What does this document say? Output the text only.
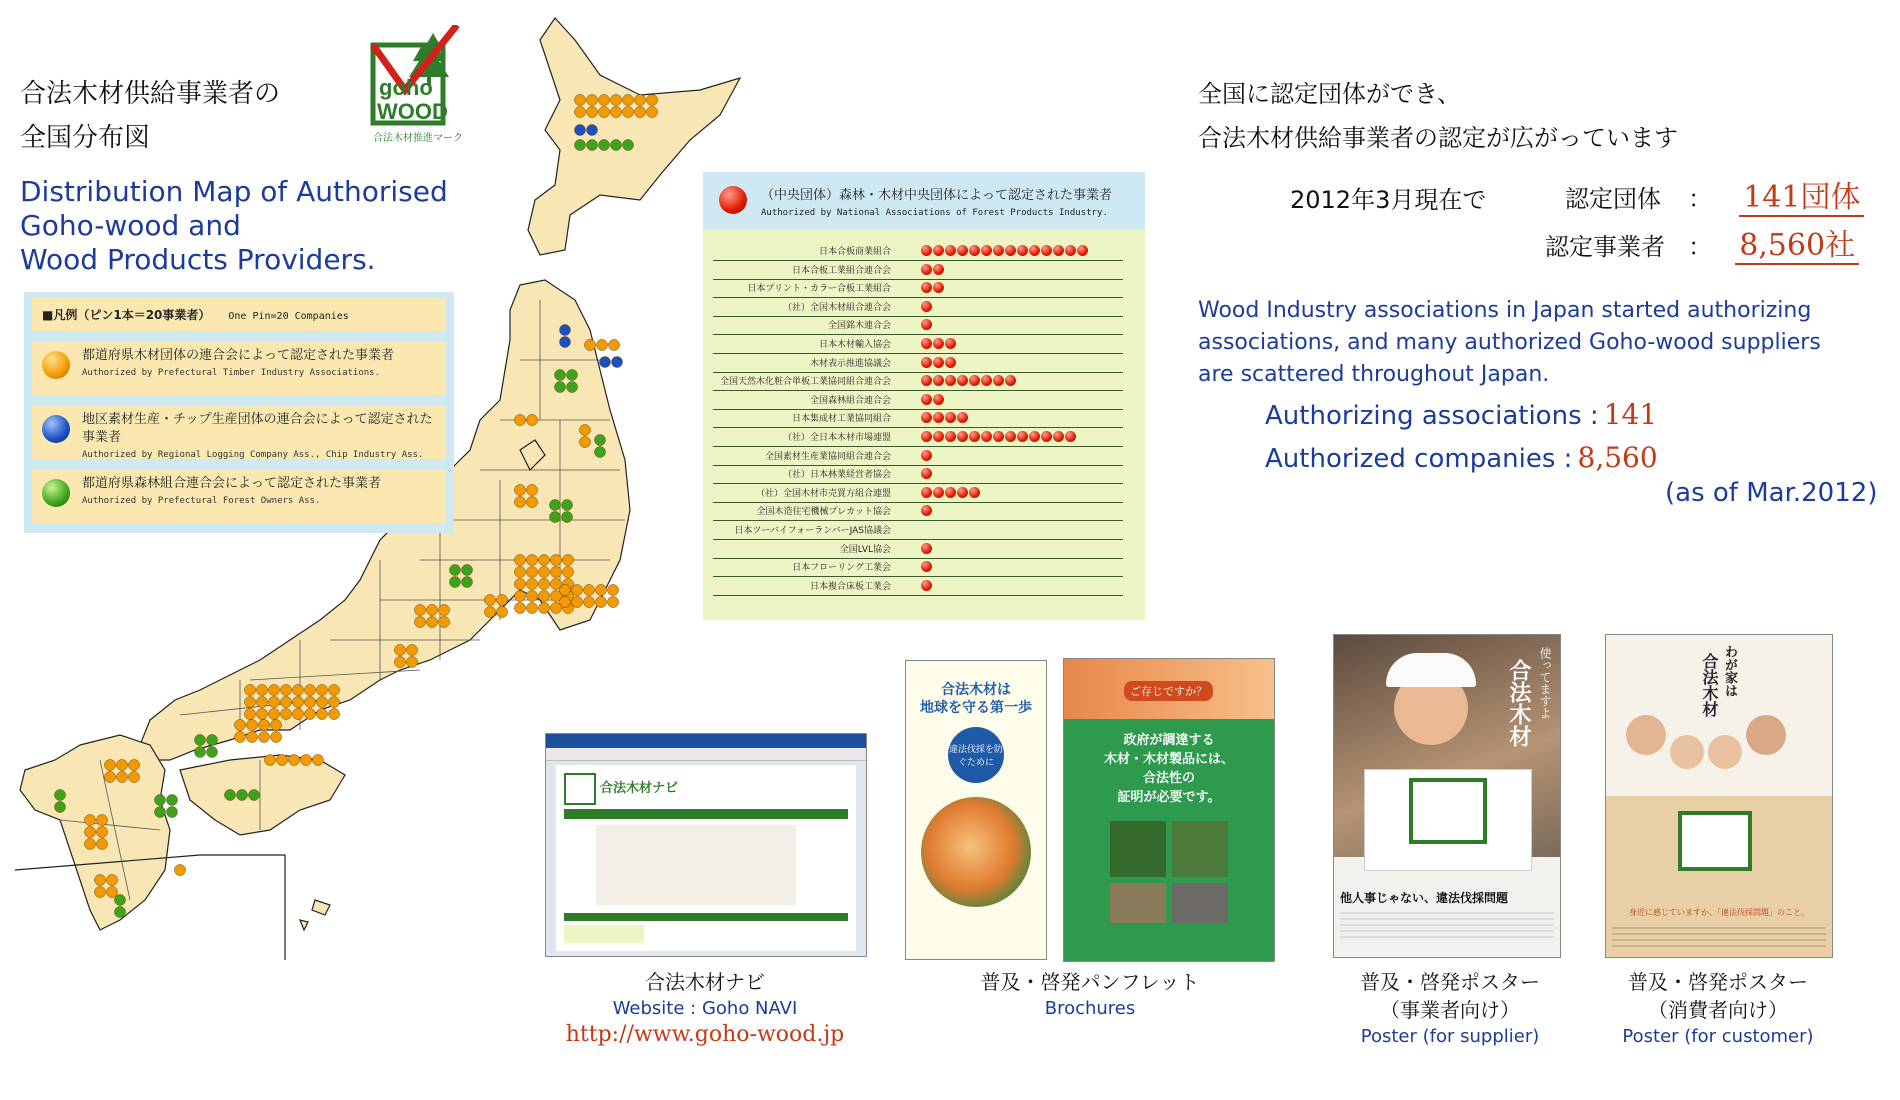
合法木材供給事業者の
全国分布図
Distribution Map of Authorised
Goho-wood and
Wood Products Providers.
goho
WOOD
合法木材推進マーク
■凡例（ピン1本＝20事業者） One Pin=20 Companies
都道府県木材団体の連合会によって認定された事業者
Authorized by Prefectural Timber Industry Associations.
地区素材生産・チップ生産団体の連合会によって認定された事業者
Authorized by Regional Logging Company Ass., Chip Industry Ass.
都道府県森林組合連合会によって認定された事業者
Authorized by Prefectural Forest Owners Ass.
（中央団体）森林・木材中央団体によって認定された事業者
Authorized by National Associations of Forest Products Industry.
日本合板商業組合
日本合板工業組合連合会
日本プリント・カラー合板工業組合
（社）全国木材組合連合会
全国銘木連合会
日本木材輸入協会
木材表示推進協議会
全国天然木化粧合単板工業協同組合連合会
全国森林組合連合会
日本集成材工業協同組合
（社）全日本木材市場連盟
全国素材生産業協同組合連合会
（社）日本林業経営者協会
（社）全国木材市売買方組合連盟
全国木造住宅機械プレカット協会
日本ツーバイフォーランバーJAS協議会
全国LVL協会
日本フローリング工業会
日本複合床板工業会
全国に認定団体ができ、
合法木材供給事業者の認定が広がっています
2012年3月現在で	認定団体 ： 141団体
認定事業者 ： 8,560社
Wood Industry associations in Japan started authorizing
associations, and many authorized Goho-wood suppliers
are scattered throughout Japan.
Authorizing associations : 141
Authorized companies : 8,560
(as of Mar.2012)
合法木材ナビ
合法木材ナビ
Website : Goho NAVI
http://www.goho-wood.jp
合法木材は
地球を守る第一歩
違法伐採を防ぐために
ご存じですか？
政府が調達する
木材・木材製品には、
合法性の
証明が必要です。
普及・啓発パンフレット
Brochures
使ってますよ
合法木材
他人事じゃない、違法伐採問題
普及・啓発ポスター
（事業者向け）
Poster (for supplier)
わが家は
合法木材
身近に感じていますか、「違法伐採問題」のこと。
普及・啓発ポスター
（消費者向け）
Poster (for customer)
